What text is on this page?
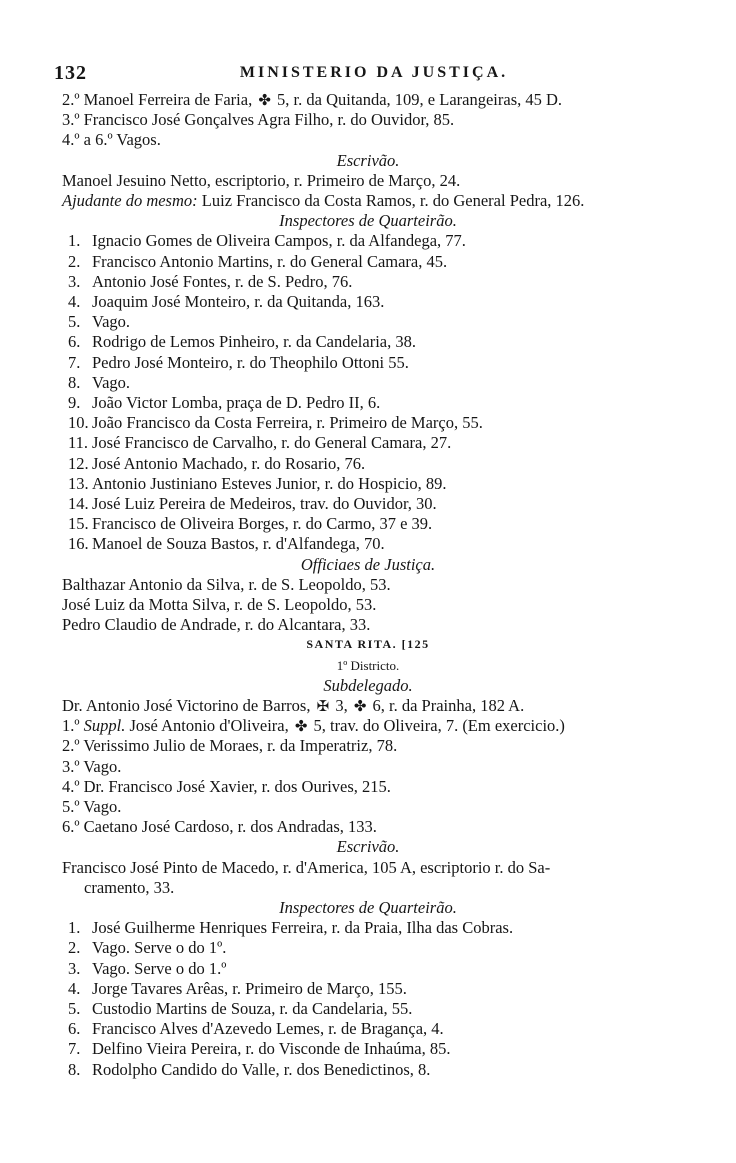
132	MINISTERIO DA JUSTIÇA.
2.º Manoel Ferreira de Faria, ✤ 5, r. da Quitanda, 109, e Larangeiras, 45 D.
3.º Francisco José Gonçalves Agra Filho, r. do Ouvidor, 85.
4.º a 6.º Vagos.
Escrivão.
Manoel Jesuino Netto, escriptorio, r. Primeiro de Março, 24.
Ajudante do mesmo: Luiz Francisco da Costa Ramos, r. do General Pedra, 126.
Inspectores de Quarteirão.
1. Ignacio Gomes de Oliveira Campos, r. da Alfandega, 77.
2. Francisco Antonio Martins, r. do General Camara, 45.
3. Antonio José Fontes, r. de S. Pedro, 76.
4. Joaquim José Monteiro, r. da Quitanda, 163.
5. Vago.
6. Rodrigo de Lemos Pinheiro, r. da Candelaria, 38.
7. Pedro José Monteiro, r. do Theophilo Ottoni 55.
8. Vago.
9. João Victor Lomba, praça de D. Pedro II, 6.
10. João Francisco da Costa Ferreira, r. Primeiro de Março, 55.
11. José Francisco de Carvalho, r. do General Camara, 27.
12. José Antonio Machado, r. do Rosario, 76.
13. Antonio Justiniano Esteves Junior, r. do Hospicio, 89.
14. José Luiz Pereira de Medeiros, trav. do Ouvidor, 30.
15. Francisco de Oliveira Borges, r. do Carmo, 37 e 39.
16. Manoel de Souza Bastos, r. d'Alfandega, 70.
Officiaes de Justiça.
Balthazar Antonio da Silva, r. de S. Leopoldo, 53.
José Luiz da Motta Silva, r. de S. Leopoldo, 53.
Pedro Claudio de Andrade, r. do Alcantara, 33.
SANTA RITA. [125
1º Districto.
Subdelegado.
Dr. Antonio José Victorino de Barros, ✠ 3, ✤ 6, r. da Prainha, 182 A.
1.º Suppl. José Antonio d'Oliveira, ✤ 5, trav. do Oliveira, 7. (Em exercicio.)
2.º Verissimo Julio de Moraes, r. da Imperatriz, 78.
3.º Vago.
4.º Dr. Francisco José Xavier, r. dos Ourives, 215.
5.º Vago.
6.º Caetano José Cardoso, r. dos Andradas, 133.
Escrivão.
Francisco José Pinto de Macedo, r. d'America, 105 A, escriptorio r. do Sa-
cramento, 33.
Inspectores de Quarteirão.
1. José Guilherme Henriques Ferreira, r. da Praia, Ilha das Cobras.
2. Vago. Serve o do 1º.
3. Vago. Serve o do 1.º
4. Jorge Tavares Arêas, r. Primeiro de Março, 155.
5. Custodio Martins de Souza, r. da Candelaria, 55.
6. Francisco Alves d'Azevedo Lemes, r. de Bragança, 4.
7. Delfino Vieira Pereira, r. do Visconde de Inhaúma, 85.
8. Rodolpho Candido do Valle, r. dos Benedictinos, 8.
